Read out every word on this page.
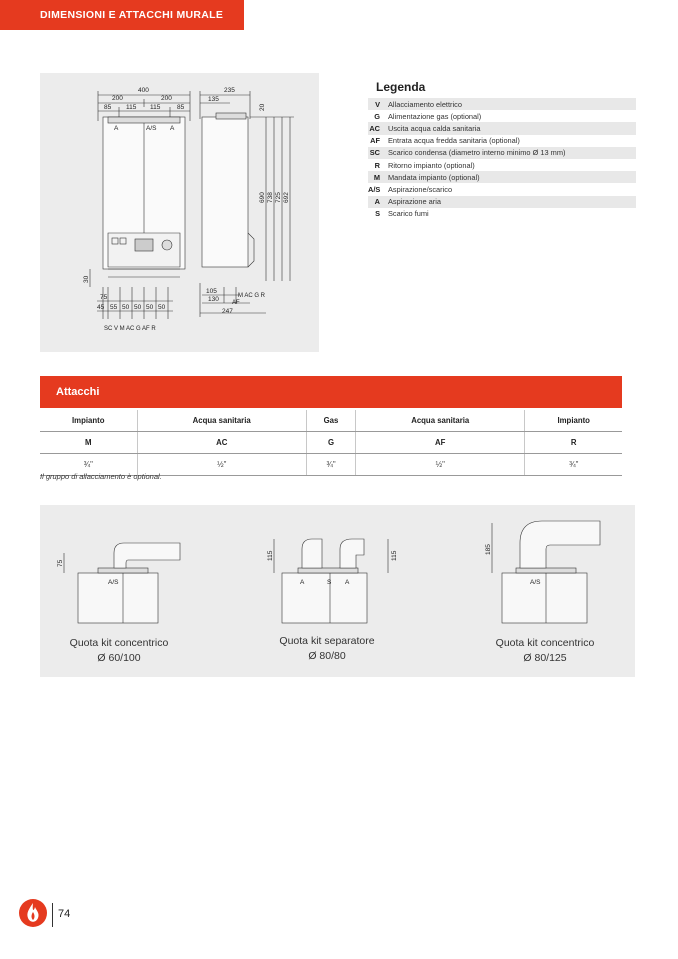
DIMENSIONI E ATTACCHI MURALE
400
200	200
85 115 115	85
235
135
20
690 738 725 692
30
75
45 55 50 50 50 50
105
130
247
A	A/S A
SC V M AC G AF R
M AC G R
AF
Legenda
V	Allacciamento elettrico
G	Alimentazione gas (optional)
AC	Uscita acqua calda sanitaria
AF	Entrata acqua fredda sanitaria (optional)
SC	Scarico condensa (diametro interno minimo Ø 13 mm)
R	Ritorno impianto (optional)
M	Mandata impianto (optional)
A/S	Aspirazione/scarico
A	Aspirazione aria
S	Scarico fumi
Attacchi
Impianto	Acqua sanitaria	Gas	Acqua sanitaria	Impianto
M	AC	G	AF	R
¾"	½"	¾"	½"	¾"
Il gruppo di allacciamento è optional.
75
A/S
115	115
A	S A
185
A/S
Quota kit concentrico
Ø 60/100
Quota kit separatore
Ø 80/80
Quota kit concentrico
Ø 80/125
74
